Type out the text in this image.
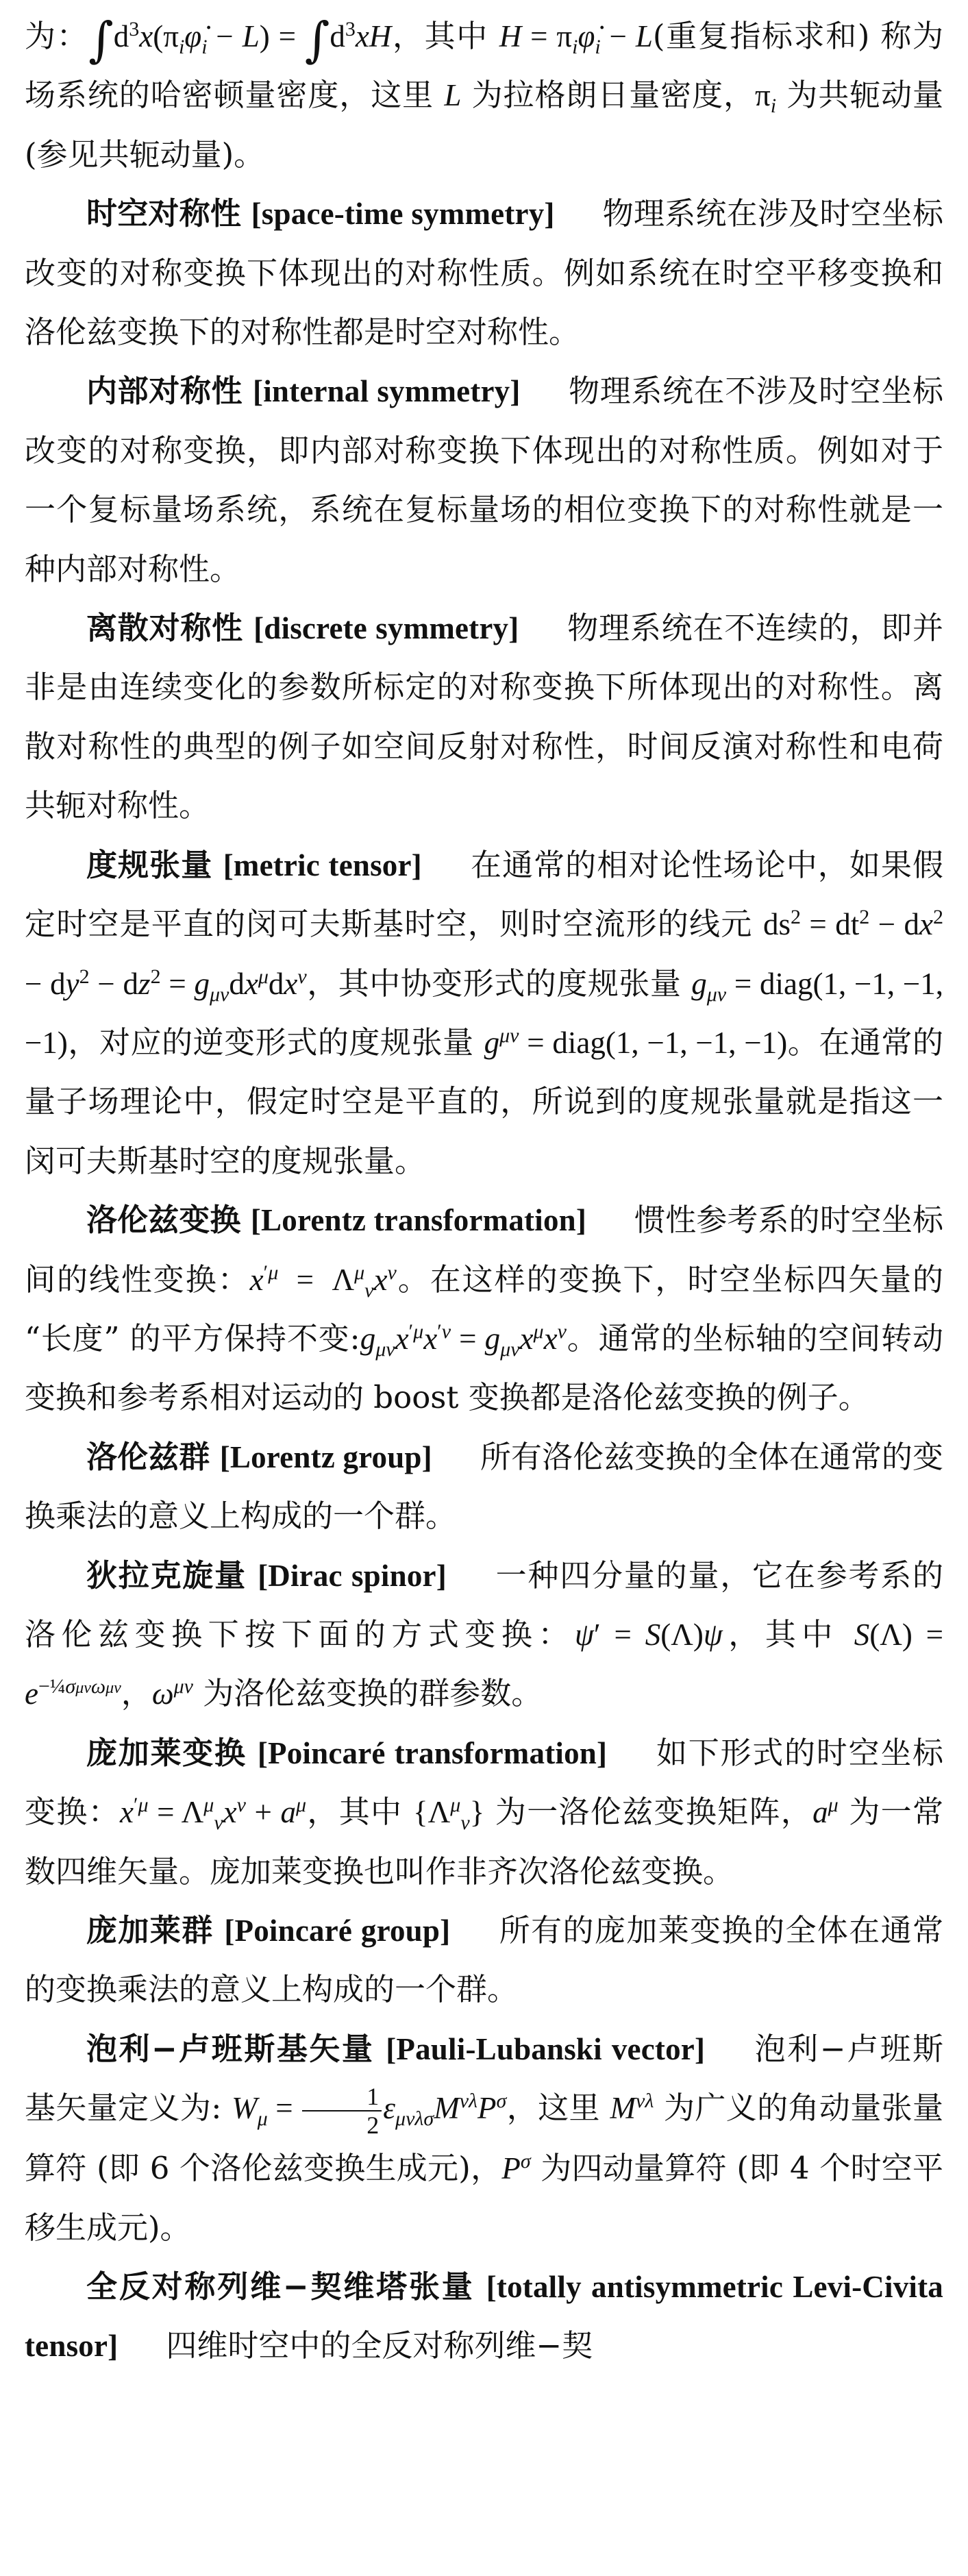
为：$\int d^3x(\pi_i\varphi̇_i - L) = \int d^3xH$，其中 $H = \pi_i\varphi̇_i - L$(重复指标求和) 称为场系统的哈密顿量密度，这里 L 为拉格朗日量密度，$\pi_i$ 为共轭动量 (参见共轭动量)。

时空对称性 [space-time symmetry] 物理系统在涉及时空坐标改变的对称变换下体现出的对称性质。例如系统在时空平移变换和洛伦兹变换下的对称性都是时空对称性。

内部对称性 [internal symmetry] 物理系统在不涉及时空坐标改变的对称变换，即内部对称变换下体现出的对称性质。例如对于一个复标量场系统，系统在复标量场的相位变换下的对称性就是一种内部对称性。

离散对称性 [discrete symmetry] 物理系统在不连续的，即并非是由连续变化的参数所标定的对称变换下所体现出的对称性。离散对称性的典型的例子如空间反射对称性，时间反演对称性和电荷共轭对称性。

度规张量 [metric tensor] 在通常的相对论性场论中，如果假定时空是平直的闵可夫斯基时空，则时空流形的线元 $ds^2 = dt^2 - dx^2 - dy^2 - dz^2 = g_{\mu\nu}dx^\mu dx^\nu$，其中协变形式的度规张量 $g_{\mu\nu}$ = diag(1, −1, −1, −1)，对应的逆变形式的度规张量 $g^{\mu\nu}$ = diag(1, −1, −1, −1)。在通常的量子场理论中，假定时空是平直的，所说到的度规张量就是指这一闵可夫斯基时空的度规张量。

洛伦兹变换 [Lorentz transformation] 惯性参考系的时空坐标间的线性变换：$x^{'\mu} = \Lambda^\mu_\nu x^\nu$。在这样的变换下，时空坐标四矢量的 “长度” 的平方保持不变$:g_{\mu\nu}x^{'\mu}x^{'\nu} = g_{\mu\nu}x^\mu x^\nu$。通常的坐标轴的空间转动变换和参考系相对运动的 boost 变换都是洛伦兹变换的例子。

洛伦兹群 [Lorentz group] 所有洛伦兹变换的全体在通常的变换乘法的意义上构成的一个群。

狄拉克旋量 [Dirac spinor] 一种四分量的量，它在参考系的洛伦兹变换下按下面的方式变换：ψ′ = S(Λ)ψ，其中 $S(\Lambda) = e^{-\frac{1}{4}\sigma\mu\nu\omega\mu\nu}$，$\omega^{\mu\nu}$ 为洛伦兹变换的群参数。

庞加莱变换 [Poincaré transformation] 如下形式的时空坐标变换：$x^{'\mu} = \Lambda^\mu_\nu x^\nu + a^\mu$，其中 $\{\Lambda^\mu_\nu\}$ 为一洛伦兹变换矩阵，$a^\mu$ 为一常数四维矢量。庞加莱变换也叫作非齐次洛伦兹变换。

庞加莱群 [Poincaré group] 所有的庞加莱变换的全体在通常的变换乘法的意义上构成的一个群。

泡利−卢班斯基矢量 [Pauli-Lubanski vector] 泡利−卢班斯基矢量定义为: $W_\mu = \frac{1}{2} \varepsilon_{\mu\nu\lambda\sigma}M^{\nu\lambda}P^\sigma$，这里 $M^{\nu\lambda}$ 为广义的角动量张量算符 (即 6 个洛伦兹变换生成元)，$P^\sigma$ 为四动量算符 (即 4 个时空平移生成元)。

全反对称列维−契维塔张量 [totally antisymmetric Levi-Civita tensor] 四维时空中的全反对称列维−契
